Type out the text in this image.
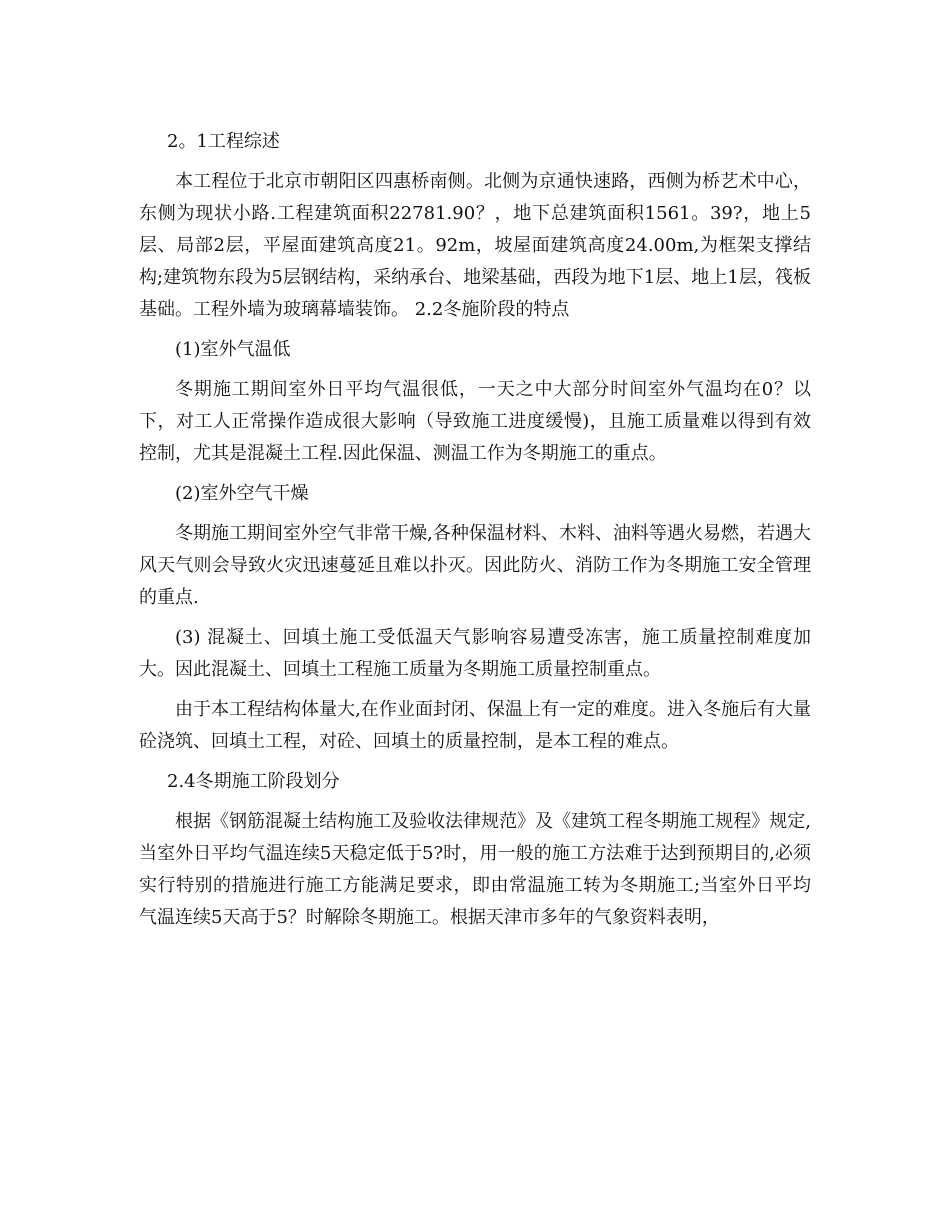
2。1工程综述

本工程位于北京市朝阳区四惠桥南侧。北侧为京通快速路，西侧为桥艺术中心，东侧为现状小路.工程建筑面积22781.90？，地下总建筑面积1561。39?，地上5层、局部2层，平屋面建筑高度21。92m，坡屋面建筑高度24.00m,为框架支撑结构;建筑物东段为5层钢结构，采纳承台、地梁基础，西段为地下1层、地上1层，筏板基础。工程外墙为玻璃幕墙装饰。 2.2冬施阶段的特点

(1)室外气温低

冬期施工期间室外日平均气温很低，一天之中大部分时间室外气温均在0？以下，对工人正常操作造成很大影响（导致施工进度缓慢)，且施工质量难以得到有效控制，尤其是混凝土工程.因此保温、测温工作为冬期施工的重点。

(2)室外空气干燥

冬期施工期间室外空气非常干燥,各种保温材料、木料、油料等遇火易燃，若遇大风天气则会导致火灾迅速蔓延且难以扑灭。因此防火、消防工作为冬期施工安全管理的重点.

(3) 混凝土、回填土施工受低温天气影响容易遭受冻害，施工质量控制难度加大。因此混凝土、回填土工程施工质量为冬期施工质量控制重点。

由于本工程结构体量大,在作业面封闭、保温上有一定的难度。进入冬施后有大量砼浇筑、回填土工程，对砼、回填土的质量控制，是本工程的难点。

2.4冬期施工阶段划分

根据《钢筋混凝土结构施工及验收法律规范》及《建筑工程冬期施工规程》规定,当室外日平均气温连续5天稳定低于5?时，用一般的施工方法难于达到预期目的,必须实行特别的措施进行施工方能满足要求，即由常温施工转为冬期施工;当室外日平均气温连续5天高于5？时解除冬期施工。根据天津市多年的气象资料表明，
